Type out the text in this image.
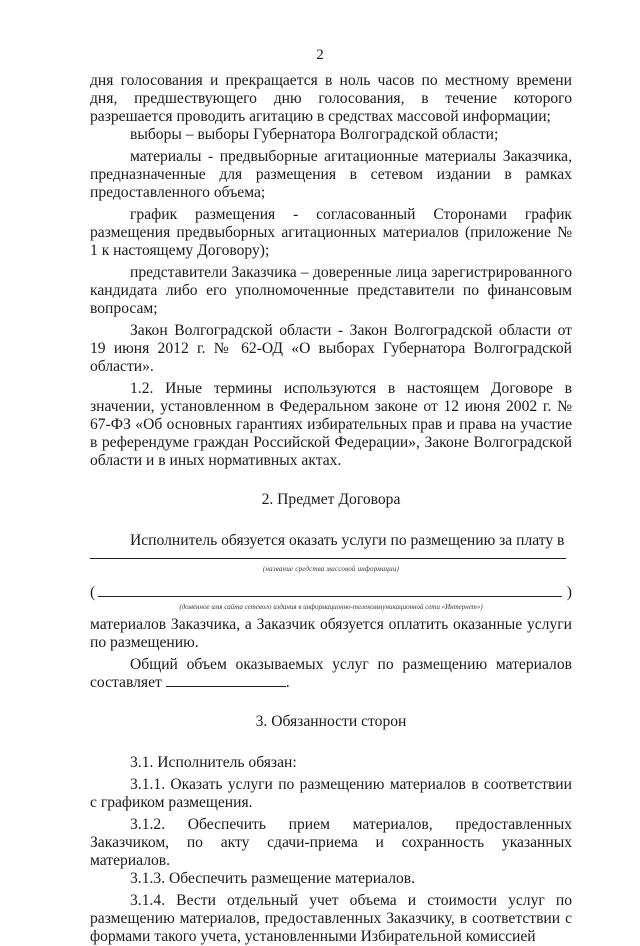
2

дня голосования и прекращается в ноль часов по местному времени дня, предшествующего дню голосования, в течение которого разрешается проводить агитацию в средствах массовой информации;

выборы – выборы Губернатора Волгоградской области;

материалы - предвыборные агитационные материалы Заказчика, предназначенные для размещения в сетевом издании в рамках предоставленного объема;

график размещения - согласованный Сторонами график размещения предвыборных агитационных материалов (приложение № 1 к настоящему Договору);

представители Заказчика – доверенные лица зарегистрированного кандидата либо его уполномоченные представители по финансовым вопросам;

Закон Волгоградской области - Закон Волгоградской области от 19 июня 2012 г. № 62-ОД «О выборах Губернатора Волгоградской области».

1.2. Иные термины используются в настоящем Договоре в значении, установленном в Федеральном законе от 12 июня 2002 г. № 67-ФЗ «Об основных гарантиях избирательных прав и права на участие в референдуме граждан Российской Федерации», Законе Волгоградской области и в иных нормативных актах.

2. Предмет Договора

Исполнитель обязуется оказать услуги по размещению за плату в

(название средства массовой информации)
(	)
(доменное имя сайта сетевого издания в информационно-телекоммуникационной сети «Интернет»)

материалов Заказчика, а Заказчик обязуется оплатить оказанные услуги по размещению.

Общий объем оказываемых услуг по размещению материалов составляет	.

3. Обязанности сторон

3.1. Исполнитель обязан:

3.1.1. Оказать услуги по размещению материалов в соответствии с графиком размещения.

3.1.2. Обеспечить прием материалов, предоставленных Заказчиком, по акту сдачи-приема и сохранность указанных материалов.

3.1.3. Обеспечить размещение материалов.

3.1.4. Вести отдельный учет объема и стоимости услуг по размещению материалов, предоставленных Заказчику, в соответствии с формами такого учета, установленными Избирательной комиссией
